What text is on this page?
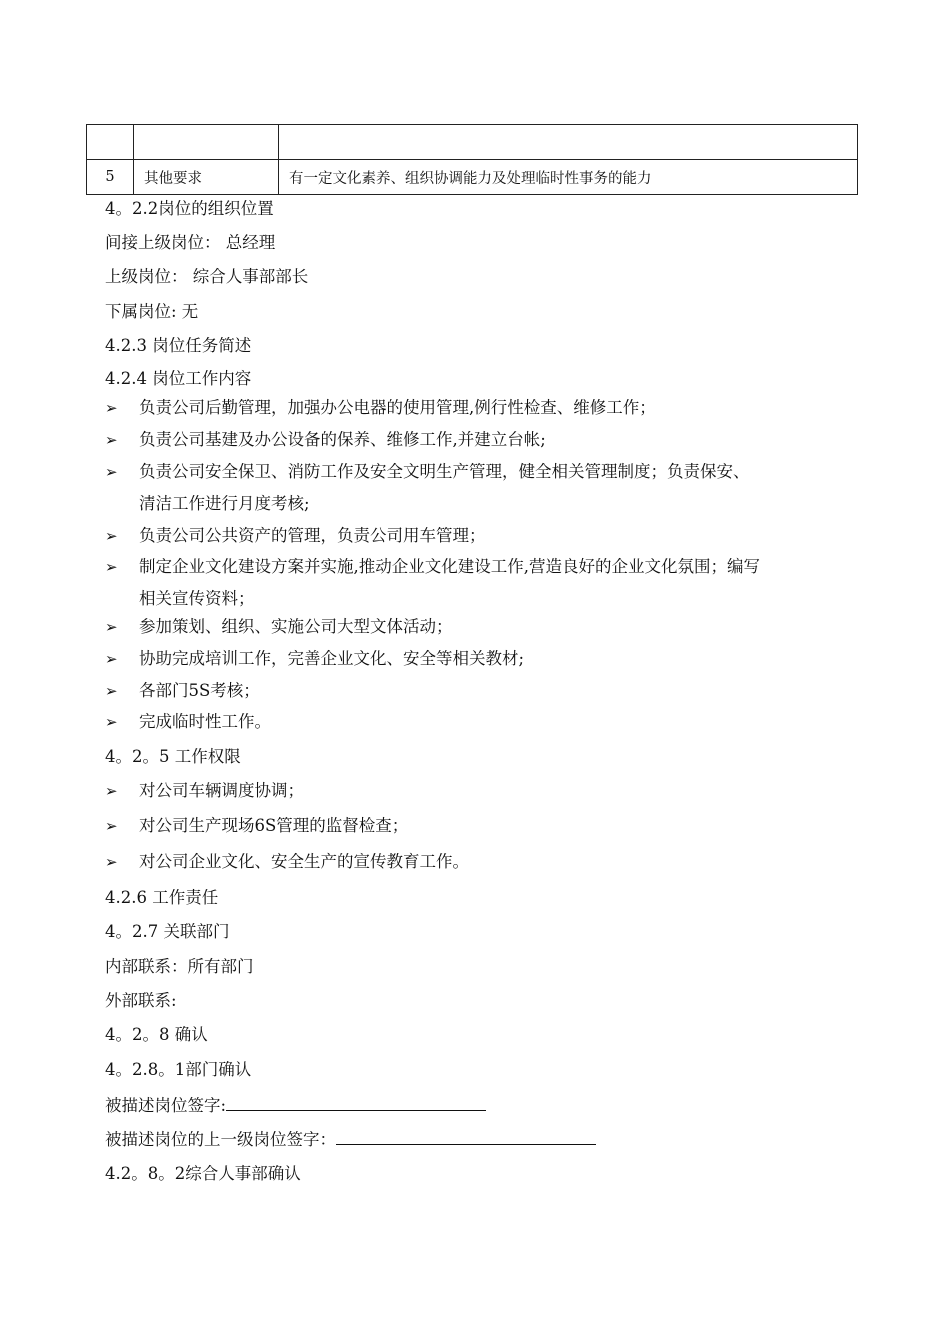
5	其他要求	有一定文化素养、组织协调能力及处理临时性事务的能力
4。2.2岗位的组织位置
间接上级岗位： 总经理
上级岗位： 综合人事部部长
下属岗位: 无
4.2.3 岗位任务简述
4.2.4 岗位工作内容
➢ 负责公司后勤管理，加强办公电器的使用管理,例行性检查、维修工作；
➢ 负责公司基建及办公设备的保养、维修工作,并建立台帐;
➢ 负责公司安全保卫、消防工作及安全文明生产管理，健全相关管理制度；负责保安、
清洁工作进行月度考核;
➢ 负责公司公共资产的管理，负责公司用车管理；
➢ 制定企业文化建设方案并实施,推动企业文化建设工作,营造良好的企业文化氛围；编写
相关宣传资料；
➢ 参加策划、组织、实施公司大型文体活动；
➢ 协助完成培训工作，完善企业文化、安全等相关教材;
➢ 各部门5S考核；
➢ 完成临时性工作。
4。2。5 工作权限
➢ 对公司车辆调度协调；
➢ 对公司生产现场6S管理的监督检查；
➢ 对公司企业文化、安全生产的宣传教育工作。
4.2.6 工作责任
4。2.7 关联部门
内部联系：所有部门
外部联系:
4。2。8 确认
4。2.8。1部门确认
被描述岗位签字:
被描述岗位的上一级岗位签字：
4.2。8。2综合人事部确认
